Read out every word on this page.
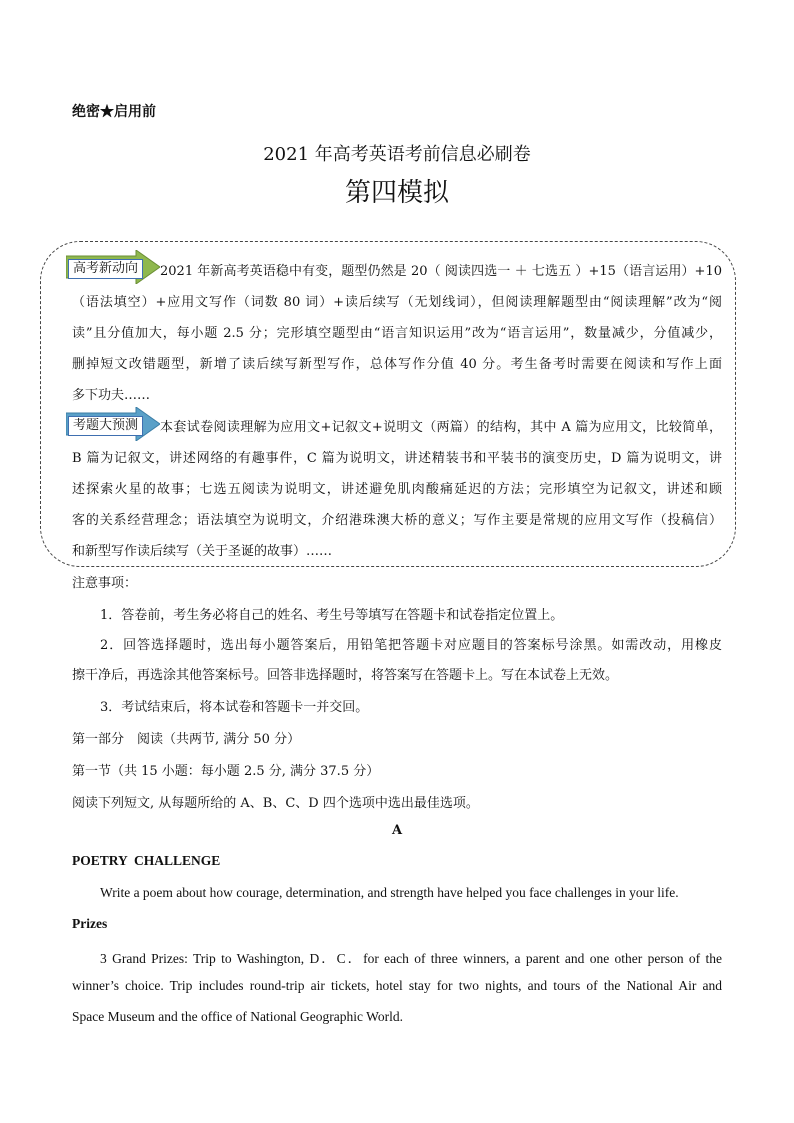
绝密★启用前
2021 年高考英语考前信息必刷卷
第四模拟
高考新动向	2021 年新高考英语稳中有变，题型仍然是 20（ 阅读四选一 ＋ 七选五 ）+15（语言运用）+10
（语法填空）+应用文写作（词数 80 词）+读后续写（无划线词），但阅读理解题型由“阅读理解”改为“阅
读”且分值加大，每小题 2.5 分；完形填空题型由“语言知识运用”改为“语言运用”，数量减少，分值减少，
删掉短文改错题型，新增了读后续写新型写作，总体写作分值 40 分。考生备考时需要在阅读和写作上面
多下功夫……
考题大预测	本套试卷阅读理解为应用文+记叙文+说明文（两篇）的结构，其中 A 篇为应用文，比较简单，
B 篇为记叙文，讲述网络的有趣事件，C 篇为说明文，讲述精装书和平装书的演变历史，D 篇为说明文，讲
述探索火星的故事；七选五阅读为说明文，讲述避免肌肉酸痛延迟的方法；完形填空为记叙文，讲述和顾
客的关系经营理念；语法填空为说明文，介绍港珠澳大桥的意义；写作主要是常规的应用文写作（投稿信）
和新型写作读后续写（关于圣诞的故事）……
注意事项：
1．答卷前，考生务必将自己的姓名、考生号等填写在答题卡和试卷指定位置上。
2．回答选择题时，选出每小题答案后，用铅笔把答题卡对应题目的答案标号涂黑。如需改动，用橡皮
擦干净后，再选涂其他答案标号。回答非选择题时，将答案写在答题卡上。写在本试卷上无效。
3．考试结束后，将本试卷和答题卡一并交回。
第一部分　阅读（共两节, 满分 50 分）
第一节（共 15 小题：每小题 2.5 分, 满分 37.5 分）
阅读下列短文, 从每题所给的 A、B、C、D 四个选项中选出最佳选项。
A
POETRY  CHALLENGE
Write a poem about how courage, determination, and strength have helped you face challenges in your life.
Prizes
3 Grand Prizes: Trip to Washington, D．C．for each of three winners, a parent and one other person of the
winner’s choice. Trip includes round-trip air tickets, hotel stay for two nights, and tours of the National Air and
Space Museum and the office of National Geographic World.
